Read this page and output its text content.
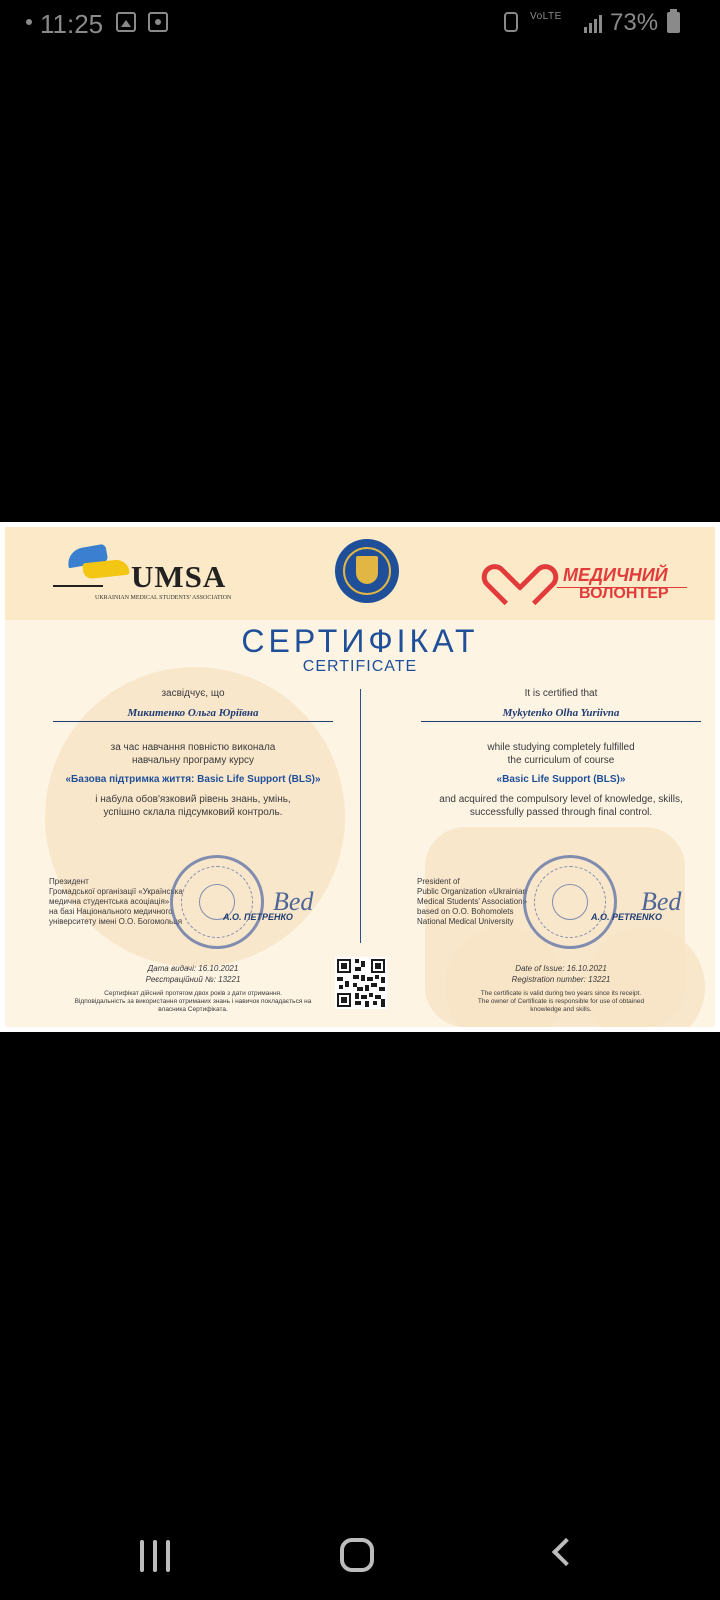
11:25	VoLTE 73%
UMSA
UKRAINIAN MEDICAL STUDENTS' ASSOCIATION
МЕДИЧНИЙ
ВОЛОНТЕР
СЕРТИФІКАТ
CERTIFICATE
засвідчує, що
Микитенко Ольга Юріївна
за час навчання повністю виконала
навчальну програму курсу
«Базова підтримка життя: Basic Life Support (BLS)»
і набула обов'язковий рівень знань, умінь,
успішно склала підсумковий контроль.
Президент
Громадської організації «Українська
медична студентська асоціація»
на базі Національного медичного
університету імені О.О. Богомольця
Bed
А.О. ПЕТРЕНКО
Дата видачі: 16.10.2021
Реєстраційний №: 13221
Сертифікат дійсний протягом двох років з дати отримання.
Відповідальність за використання отриманих знань і навичок покладається на
власника Сертифіката.
It is certified that
Mykytenko Olha Yuriivna
while studying completely fulfilled
the curriculum of course
«Basic Life Support (BLS)»
and acquired the compulsory level of knowledge, skills,
successfully passed through final control.
President of
Public Organization «Ukrainian
Medical Students' Association»
based on O.O. Bohomolets
National Medical University
Bed
A.O. PETRENKO
Date of Issue: 16.10.2021
Registration number: 13221
The certificate is valid during two years since its receipt.
The owner of Certificate is responsible for use of obtained
knowledge and skills.
